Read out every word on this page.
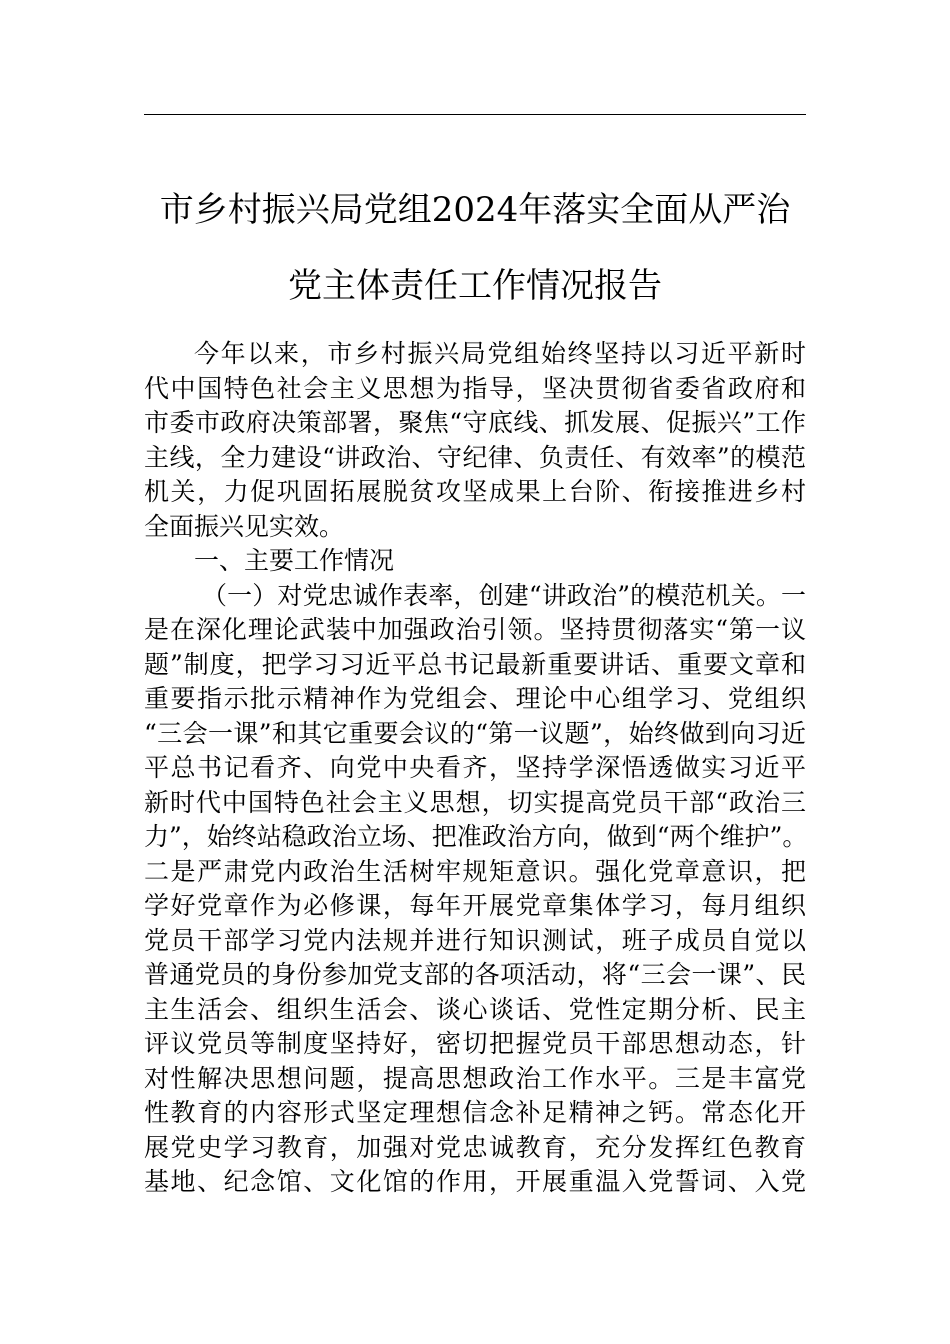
市乡村振兴局党组2024年落实全面从严治
党主体责任工作情况报告
今年以来，市乡村振兴局党组始终坚持以习近平新时
代中国特色社会主义思想为指导，坚决贯彻省委省政府和
市委市政府决策部署，聚焦“守底线、抓发展、促振兴”工作
主线，全力建设“讲政治、守纪律、负责任、有效率”的模范
机关，力促巩固拓展脱贫攻坚成果上台阶、衔接推进乡村
全面振兴见实效。
一、主要工作情况
（一）对党忠诚作表率，创建“讲政治”的模范机关。一
是在深化理论武装中加强政治引领。坚持贯彻落实“第一议
题”制度，把学习习近平总书记最新重要讲话、重要文章和
重要指示批示精神作为党组会、理论中心组学习、党组织
“三会一课”和其它重要会议的“第一议题”，始终做到向习近
平总书记看齐、向党中央看齐，坚持学深悟透做实习近平
新时代中国特色社会主义思想，切实提高党员干部“政治三
力”，始终站稳政治立场、把准政治方向，做到“两个维护”。
二是严肃党内政治生活树牢规矩意识。强化党章意识，把
学好党章作为必修课，每年开展党章集体学习，每月组织
党员干部学习党内法规并进行知识测试，班子成员自觉以
普通党员的身份参加党支部的各项活动，将“三会一课”、民
主生活会、组织生活会、谈心谈话、党性定期分析、民主
评议党员等制度坚持好，密切把握党员干部思想动态，针
对性解决思想问题，提高思想政治工作水平。三是丰富党
性教育的内容形式坚定理想信念补足精神之钙。常态化开
展党史学习教育，加强对党忠诚教育，充分发挥红色教育
基地、纪念馆、文化馆的作用，开展重温入党誓词、入党
